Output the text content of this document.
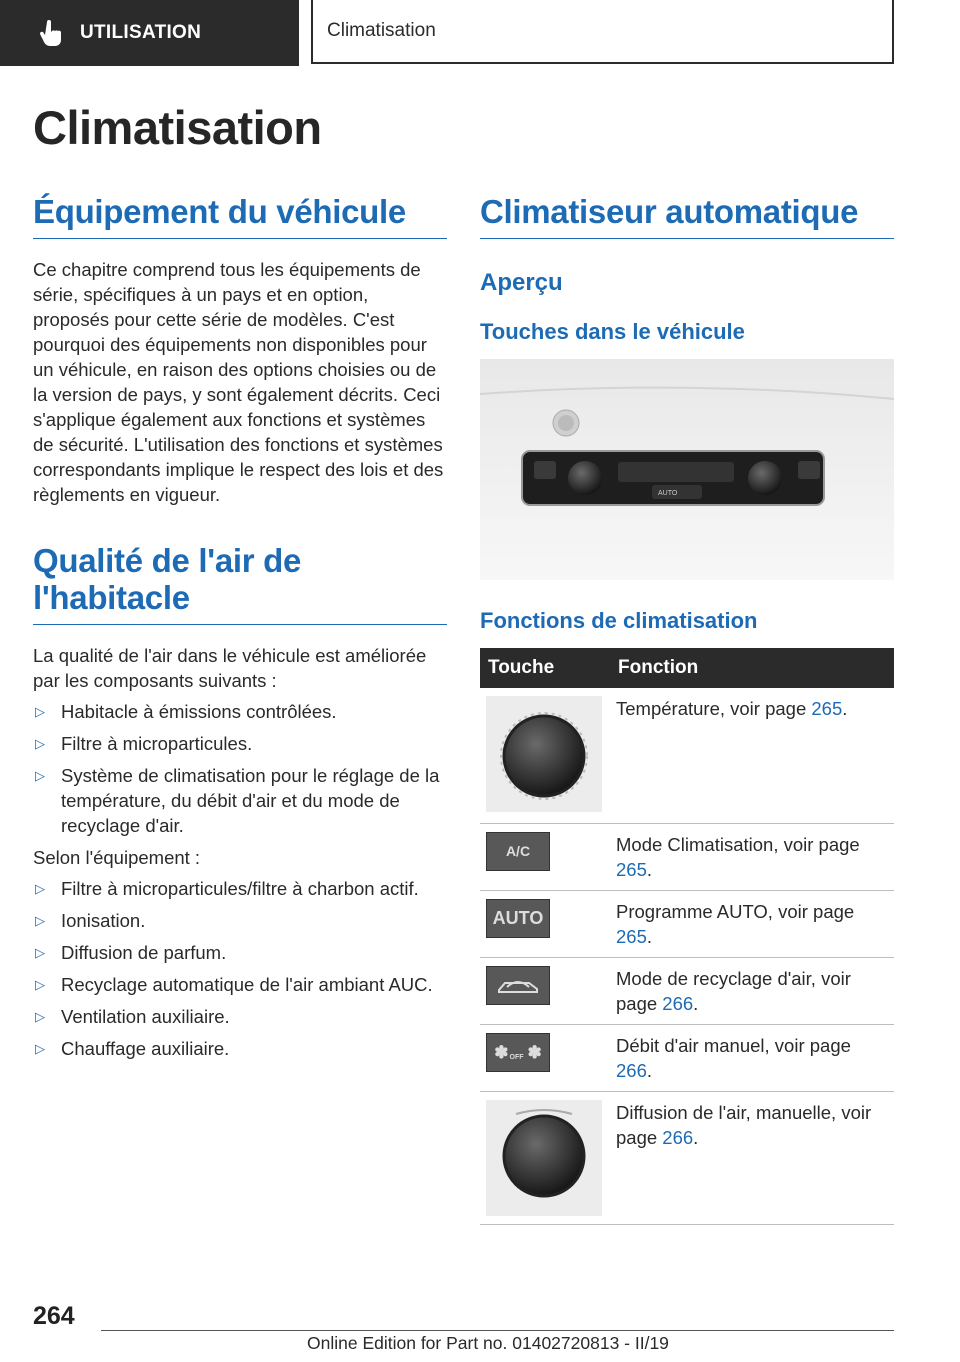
UTILISATION	Climatisation
Climatisation
Équipement du véhicule

Ce chapitre comprend tous les équipements de série, spécifiques à un pays et en option, proposés pour cette série de modèles. C'est pourquoi des équipements non disponibles pour un véhicule, en raison des options choisies ou de la version de pays, y sont également décrits. Ceci s'applique également aux fonctions et systèmes de sécurité. L'utilisation des fonctions et systèmes correspondants implique le respect des lois et des règlements en vigueur.

Qualité de l'air de l'habitacle

La qualité de l'air dans le véhicule est améliorée par les composants suivants :

▷ Habitacle à émissions contrôlées.
▷ Filtre à microparticules.
▷ Système de climatisation pour le réglage de la température, du débit d'air et du mode de recyclage d'air.

Selon l'équipement :

▷ Filtre à microparticules/filtre à charbon actif.
▷ Ionisation.
▷ Diffusion de parfum.
▷ Recyclage automatique de l'air ambiant AUC.
▷ Ventilation auxiliaire.
▷ Chauffage auxiliaire.
Climatiseur automatique
Aperçu
Touches dans le véhicule
AUTO
Fonctions de climatisation
Touche	Fonction

	Température, voir page 265.

A/C	Mode Climatisation, voir page 265.

AUTO	Programme AUTO, voir page 265.

	Mode de recyclage d'air, voir page 266.

✽ OFF ✽	Débit d'air manuel, voir page 266.

	Diffusion de l'air, manuelle, voir page 266.
264
Online Edition for Part no. 01402720813 - II/19
